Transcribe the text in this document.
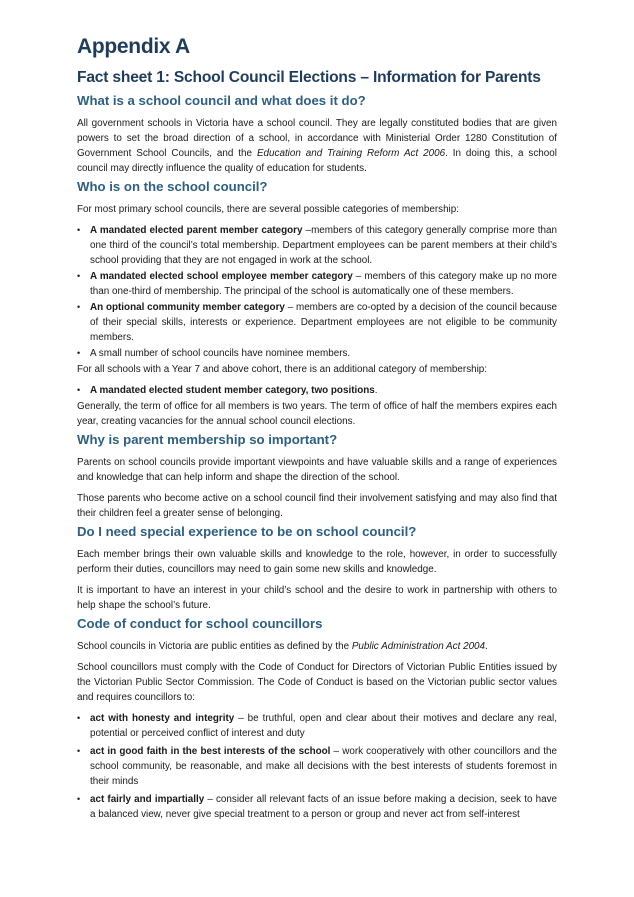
Appendix A
Fact sheet 1: School Council Elections – Information for Parents
What is a school council and what does it do?

All government schools in Victoria have a school council. They are legally constituted bodies that are given powers to set the broad direction of a school, in accordance with Ministerial Order 1280 Constitution of Government School Councils, and the Education and Training Reform Act 2006. In doing this, a school council may directly influence the quality of education for students.

Who is on the school council?

For most primary school councils, there are several possible categories of membership:

• A mandated elected parent member category –members of this category generally comprise more than one third of the council’s total membership. Department employees can be parent members at their child’s school providing that they are not engaged in work at the school.
• A mandated elected school employee member category – members of this category make up no more than one-third of membership. The principal of the school is automatically one of these members.
• An optional community member category – members are co-opted by a decision of the council because of their special skills, interests or experience. Department employees are not eligible to be community members.
• A small number of school councils have nominee members.

For all schools with a Year 7 and above cohort, there is an additional category of membership:

• A mandated elected student member category, two positions.

Generally, the term of office for all members is two years. The term of office of half the members expires each year, creating vacancies for the annual school council elections.

Why is parent membership so important?

Parents on school councils provide important viewpoints and have valuable skills and a range of experiences and knowledge that can help inform and shape the direction of the school.

Those parents who become active on a school council find their involvement satisfying and may also find that their children feel a greater sense of belonging.

Do I need special experience to be on school council?

Each member brings their own valuable skills and knowledge to the role, however, in order to successfully perform their duties, councillors may need to gain some new skills and knowledge.

It is important to have an interest in your child’s school and the desire to work in partnership with others to help shape the school’s future.

Code of conduct for school councillors

School councils in Victoria are public entities as defined by the Public Administration Act 2004.

School councillors must comply with the Code of Conduct for Directors of Victorian Public Entities issued by the Victorian Public Sector Commission. The Code of Conduct is based on the Victorian public sector values and requires councillors to:

• act with honesty and integrity – be truthful, open and clear about their motives and declare any real, potential or perceived conflict of interest and duty
• act in good faith in the best interests of the school – work cooperatively with other councillors and the school community, be reasonable, and make all decisions with the best interests of students foremost in their minds
• act fairly and impartially – consider all relevant facts of an issue before making a decision, seek to have a balanced view, never give special treatment to a person or group and never act from self-interest
